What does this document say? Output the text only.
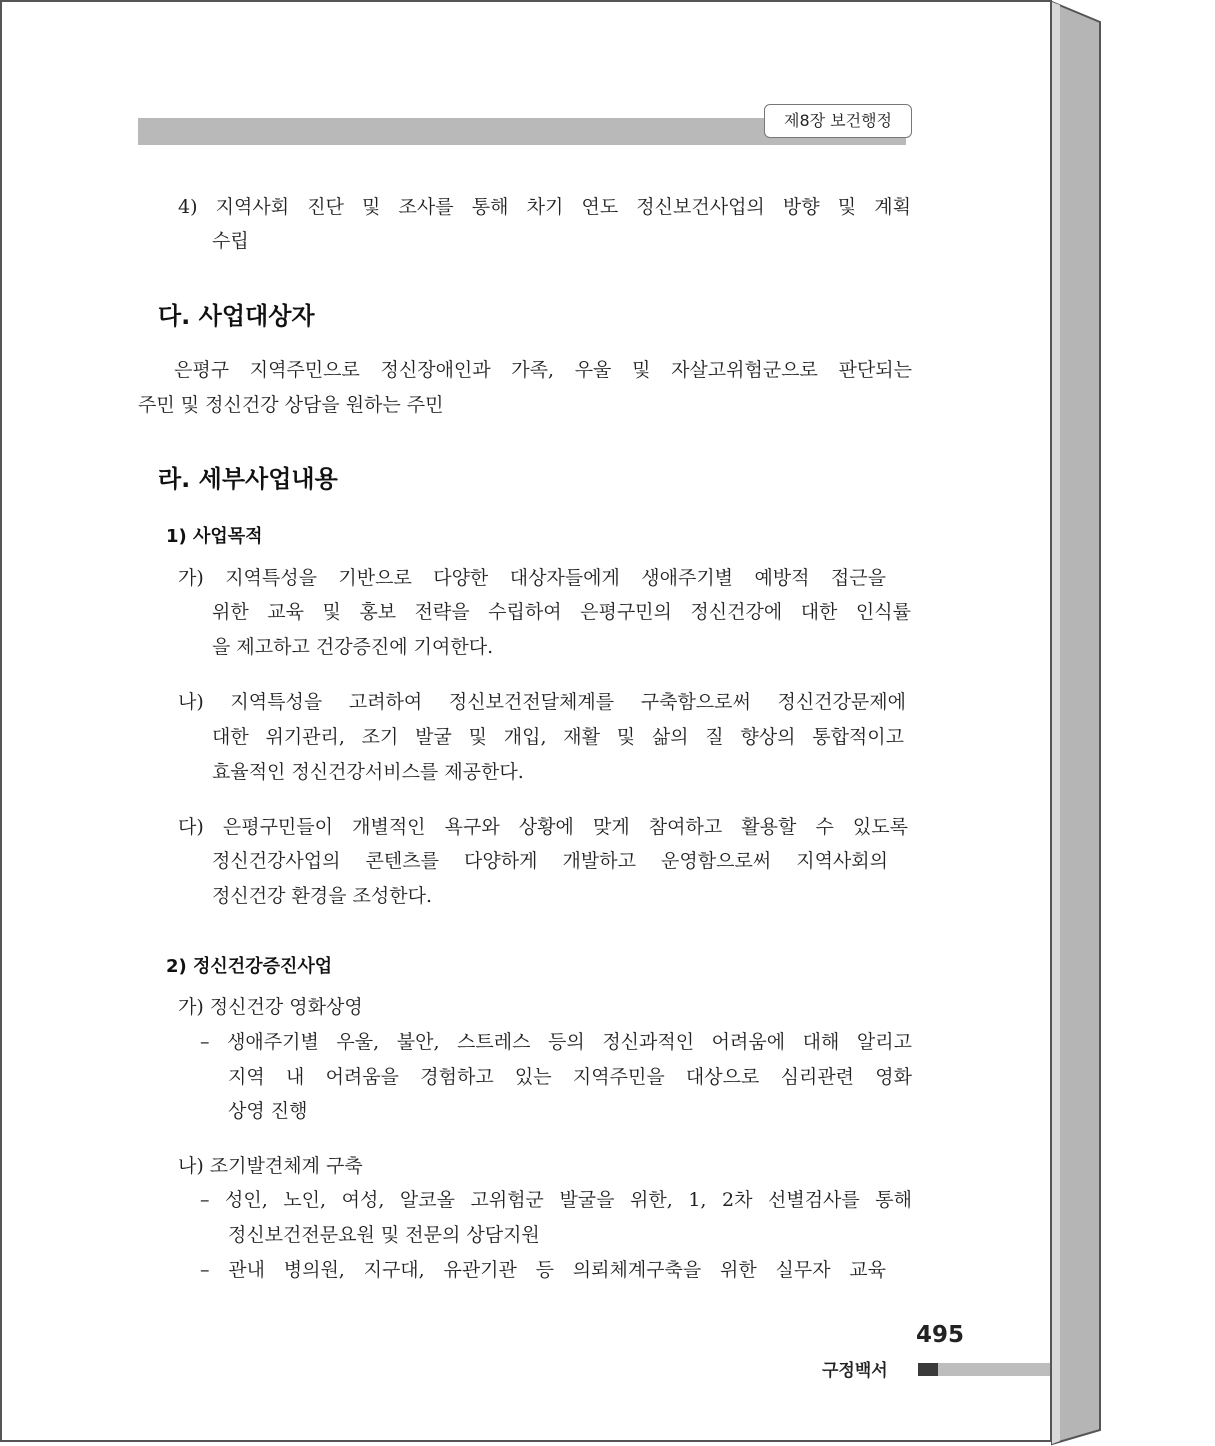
제8장 보건행정
4) 지역사회 진단 및 조사를 통해 차기 연도 정신보건사업의 방향 및 계획
수립
다. 사업대상자
은평구 지역주민으로 정신장애인과 가족, 우울 및 자살고위험군으로 판단되는
주민 및 정신건강 상담을 원하는 주민
라. 세부사업내용
1) 사업목적
가) 지역특성을 기반으로 다양한 대상자들에게 생애주기별 예방적 접근을
위한 교육 및 홍보 전략을 수립하여 은평구민의 정신건강에 대한 인식률
을 제고하고 건강증진에 기여한다.
나) 지역특성을 고려하여 정신보건전달체계를 구축함으로써 정신건강문제에
대한 위기관리, 조기 발굴 및 개입, 재활 및 삶의 질 향상의 통합적이고
효율적인 정신건강서비스를 제공한다.
다) 은평구민들이 개별적인 욕구와 상황에 맞게 참여하고 활용할 수 있도록
정신건강사업의 콘텐츠를 다양하게 개발하고 운영함으로써 지역사회의
정신건강 환경을 조성한다.
2) 정신건강증진사업
가) 정신건강 영화상영
– 생애주기별 우울, 불안, 스트레스 등의 정신과적인 어려움에 대해 알리고
지역 내 어려움을 경험하고 있는 지역주민을 대상으로 심리관련 영화
상영 진행
나) 조기발견체계 구축
– 성인, 노인, 여성, 알코올 고위험군 발굴을 위한, 1, 2차 선별검사를 통해
정신보건전문요원 및 전문의 상담지원
– 관내 병의원, 지구대, 유관기관 등 의뢰체계구축을 위한 실무자 교육
495
구정백서
